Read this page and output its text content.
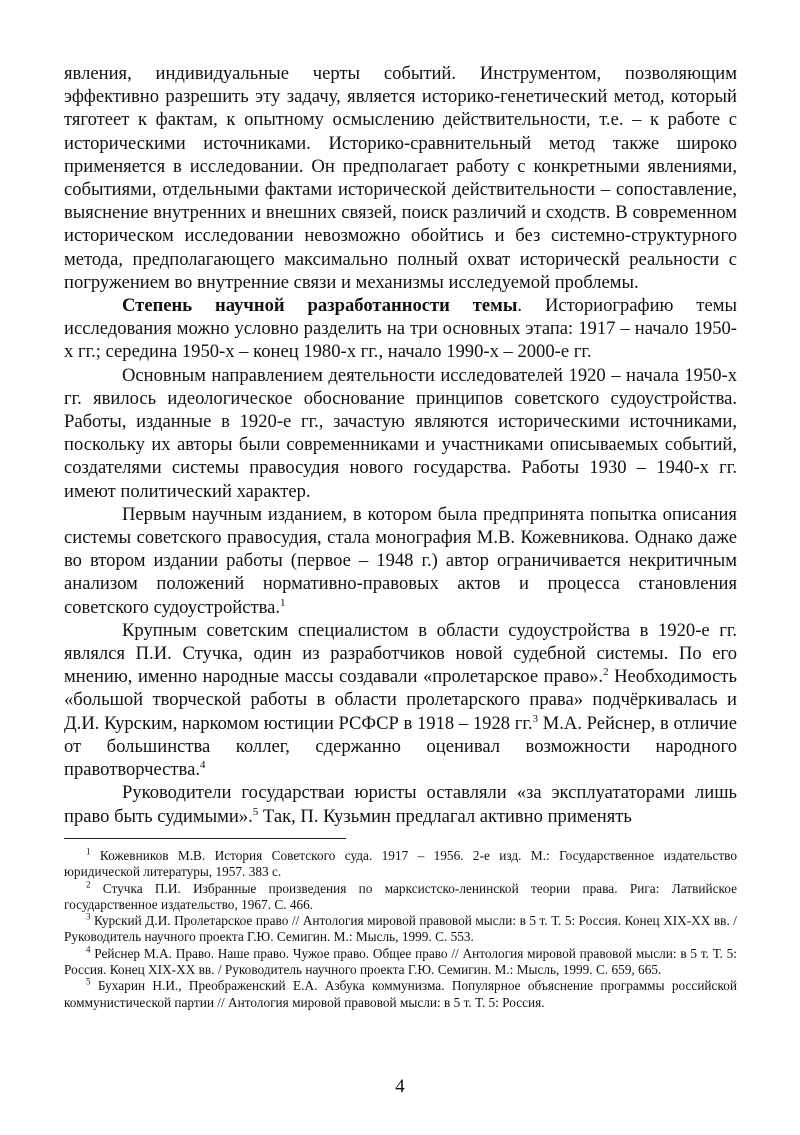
явления, индивидуальные черты событий. Инструментом, позволяющим эффективно разрешить эту задачу, является историко-генетический метод, который тяготеет к фактам, к опытному осмыслению действительности, т.е. – к работе с историческими источниками. Историко-сравнительный метод также широко применяется в исследовании. Он предполагает работу с конкретными явлениями, событиями, отдельными фактами исторической действительности – сопоставление, выяснение внутренних и внешних связей, поиск различий и сходств. В современном историческом исследовании невозможно обойтись и без системно-структурного метода, предполагающего максимально полный охват историческй реальности с погружением во внутренние связи и механизмы исследуемой проблемы.

Степень научной разработанности темы. Историографию темы исследования можно условно разделить на три основных этапа: 1917 – начало 1950-х гг.; середина 1950-х – конец 1980-х гг., начало 1990-х – 2000-е гг.

Основным направлением деятельности исследователей 1920 – начала 1950-х гг. явилось идеологическое обоснование принципов советского судоустройства. Работы, изданные в 1920-е гг., зачастую являются историческими источниками, поскольку их авторы были современниками и участниками описываемых событий, создателями системы правосудия нового государства. Работы 1930 – 1940-х гг. имеют политический характер.

Первым научным изданием, в котором была предпринята попытка описания системы советского правосудия, стала монография М.В. Кожевникова. Однако даже во втором издании работы (первое – 1948 г.) автор ограничивается некритичным анализом положений нормативно-правовых актов и процесса становления советского судоустройства.$^1$

Крупным советским специалистом в области судоустройства в 1920-е гг. являлся П.И. Стучка, один из разработчиков новой судебной системы. По его мнению, именно народные массы создавали «пролетарское право».$^2$ Необходимость «большой творческой работы в области пролетарского права» подчёркивалась и Д.И. Курским, наркомом юстиции РСФСР в 1918 – 1928 гг.$^3$ М.А. Рейснер, в отличие от большинства коллег, сдержанно оценивал возможности народного правотворчества.$^4$

Руководители государстваи юристы оставляли «за эксплуататорами лишь право быть судимыми».$^5$ Так, П. Кузьмин предлагал активно применять

$^1$ Кожевников М.В. История Советского суда. 1917 – 1956. 2-е изд. М.: Государственное издательство юридической литературы, 1957. 383 с.

$^2$ Стучка П.И. Избранные произведения по марксистско-ленинской теории права. Рига: Латвийское государственное издательство, 1967. С. 466.

$^3$ Курский Д.И. Пролетарское право // Антология мировой правовой мысли: в 5 т. Т. 5: Россия. Конец XIX-XX вв. / Руководитель научного проекта Г.Ю. Семигин. М.: Мысль, 1999. С. 553.

$^4$ Рейснер М.А. Право. Наше право. Чужое право. Общее право // Антология мировой правовой мысли: в 5 т. Т. 5: Россия. Конец XIX-XX вв. / Руководитель научного проекта Г.Ю. Семигин. М.: Мысль, 1999. С. 659, 665.

$^5$ Бухарин Н.И., Преображенский Е.А. Азбука коммунизма. Популярное объяснение программы российской коммунистической партии // Антология мировой правовой мысли: в 5 т. Т. 5: Россия.

4
